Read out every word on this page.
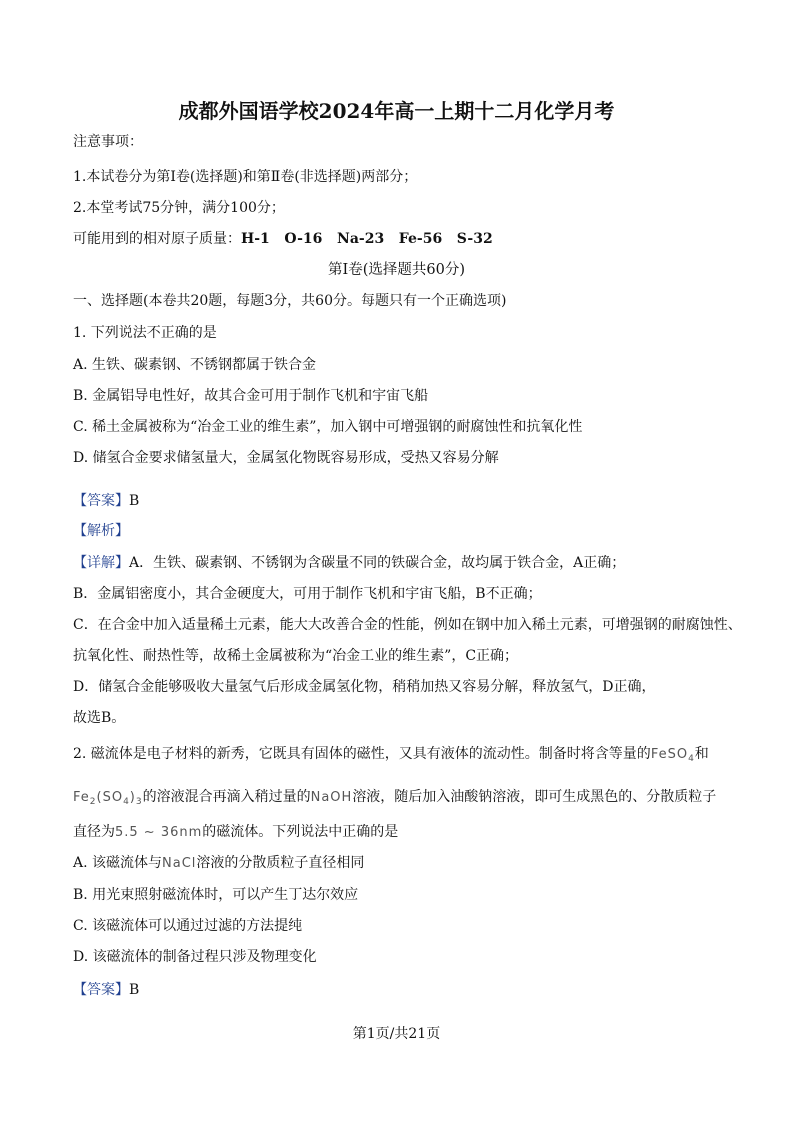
成都外国语学校2024年高一上期十二月化学月考
注意事项：
1.本试卷分为第Ⅰ卷(选择题)和第Ⅱ卷(非选择题)两部分；
2.本堂考试75分钟，满分100分；
可能用到的相对原子质量：H-1   O-16   Na-23   Fe-56   S-32
第Ⅰ卷(选择题共60分)
一、选择题(本卷共20题，每题3分，共60分。每题只有一个正确选项)
1. 下列说法不正确的是
A. 生铁、碳素钢、不锈钢都属于铁合金
B. 金属铝导电性好，故其合金可用于制作飞机和宇宙飞船
C. 稀土金属被称为“冶金工业的维生素”，加入钢中可增强钢的耐腐蚀性和抗氧化性
D. 储氢合金要求储氢量大，金属氢化物既容易形成，受热又容易分解
【答案】B
【解析】
【详解】A．生铁、碳素钢、不锈钢为含碳量不同的铁碳合金，故均属于铁合金，A正确；
B．金属铝密度小，其合金硬度大，可用于制作飞机和宇宙飞船，B不正确；
C．在合金中加入适量稀土元素，能大大改善合金的性能，例如在钢中加入稀土元素，可增强钢的耐腐蚀性、
抗氧化性、耐热性等，故稀土金属被称为“冶金工业的维生素”，C正确；
D．储氢合金能够吸收大量氢气后形成金属氢化物，稍稍加热又容易分解，释放氢气，D正确，
故选B。
2. 磁流体是电子材料的新秀，它既具有固体的磁性，又具有液体的流动性。制备时将含等量的FeSO$_4$和
$Fe_2(SO_4)_3$的溶液混合再滴入稍过量的NaOH溶液，随后加入油酸钠溶液，即可生成黑色的、分散质粒子
直径为5.5 ~ 36nm的磁流体。下列说法中正确的是
A. 该磁流体与NaCl溶液的分散质粒子直径相同
B. 用光束照射磁流体时，可以产生丁达尔效应
C. 该磁流体可以通过过滤的方法提纯
D. 该磁流体的制备过程只涉及物理变化
【答案】B
第1页/共21页
